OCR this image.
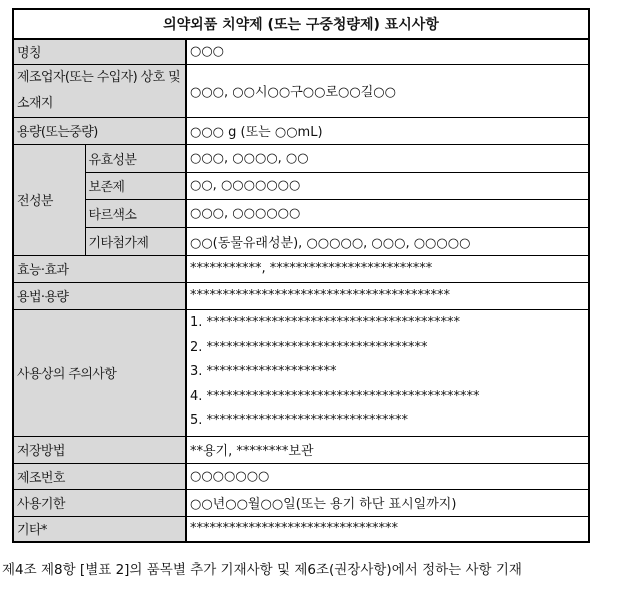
의약외품 치약제 (또는 구중청량제) 표시사항		
명칭		○○○
제조업자(또는 수입자) 상호 및 소재지		○○○, ○○시○○구○○로○○길○○
용량(또는중량)		○○○ g (또는 ○○mL)
전성분	유효성분	○○○, ○○○○, ○○
	보존제	○○, ○○○○○○○
	타르색소	○○○, ○○○○○○
	기타첨가제	○○(동물유래성분), ○○○○○, ○○○, ○○○○○
효능·효과		***********, *************************
용법·용량		****************************************
사용상의 주의사항		1. ***************************************
2. **********************************
3. ********************
4. ******************************************
5. *******************************

저장방법		**용기, ********보관
제조번호		○○○○○○○
사용기한		○○년○○월○○일(또는 용기 하단 표시일까지)
기타*		********************************
제4조 제8항 [별표 2]의 품목별 추가 기재사항 및 제6조(권장사항)에서 정하는 사항 기재
